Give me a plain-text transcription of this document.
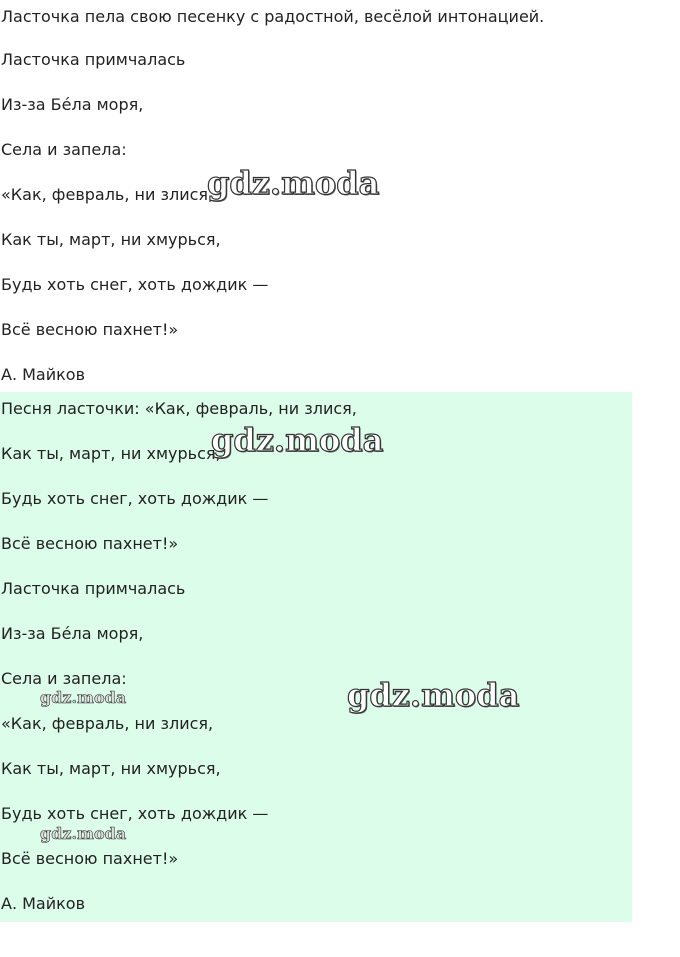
Ласточка пела свою песенку с радостной, весёлой интонацией.

Ласточка примчалась

Из-за Бéла моря,

Села и запела:

«Как, февраль, ни злися,

Как ты, март, ни хмурься,

Будь хоть снег, хоть дождик —

Всё весною пахнет!»

А. Майков

Песня ласточки: «Как, февраль, ни злися,

Как ты, март, ни хмурься,

Будь хоть снег, хоть дождик —

Всё весною пахнет!»

Ласточка примчалась

Из-за Бéла моря,

Села и запела:

«Как, февраль, ни злися,

Как ты, март, ни хмурься,

Будь хоть снег, хоть дождик —

Всё весною пахнет!»

А. Майков

gdz.moda
gdz.moda
gdz.moda
gdz.moda
gdz.moda
